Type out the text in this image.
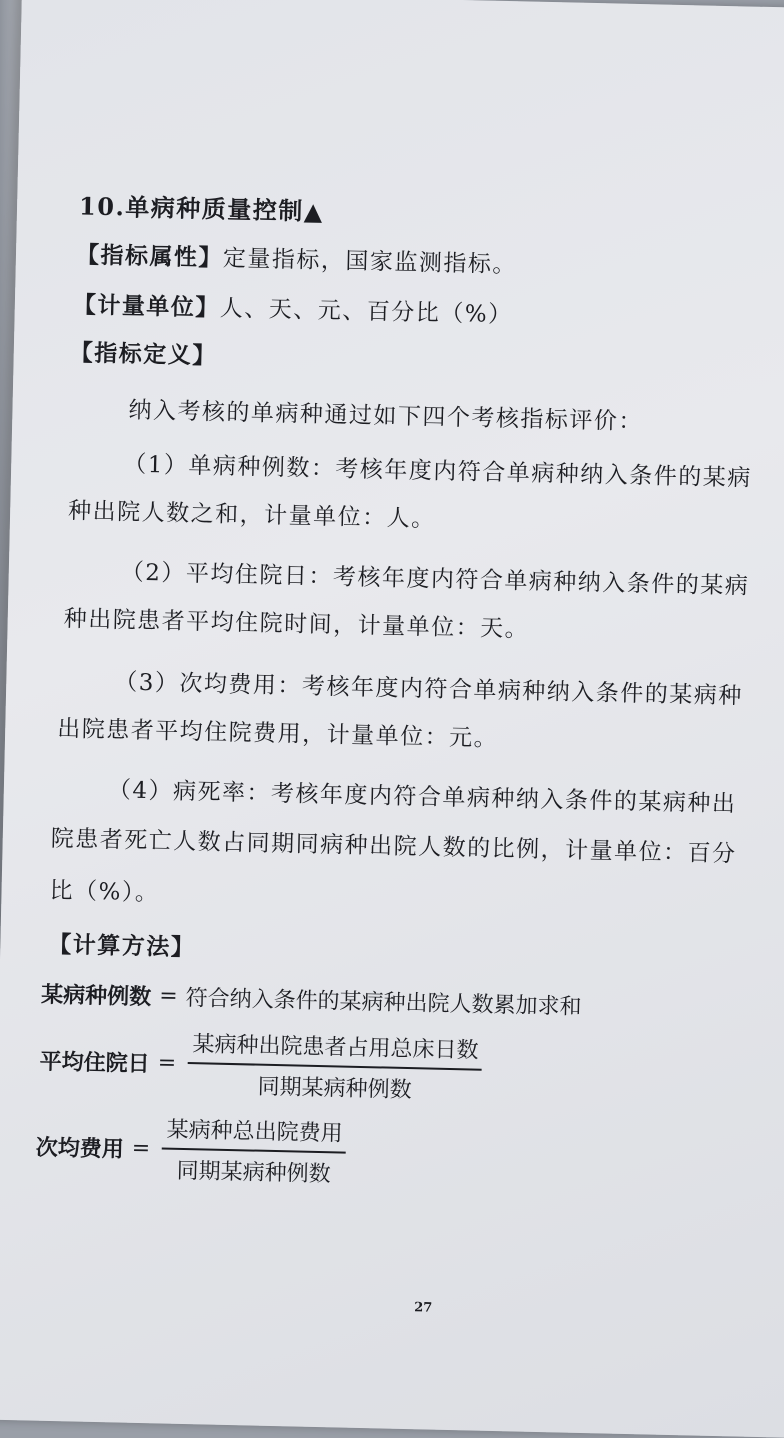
10.单病种质量控制▲
【指标属性】定量指标，国家监测指标。
【计量单位】人、天、元、百分比（%）
【指标定义】
纳入考核的单病种通过如下四个考核指标评价：
（1）单病种例数：考核年度内符合单病种纳入条件的某病
种出院人数之和，计量单位：人。
（2）平均住院日：考核年度内符合单病种纳入条件的某病
种出院患者平均住院时间，计量单位：天。
（3）次均费用：考核年度内符合单病种纳入条件的某病种
出院患者平均住院费用，计量单位：元。
（4）病死率：考核年度内符合单病种纳入条件的某病种出
院患者死亡人数占同期同病种出院人数的比例，计量单位：百分
比（%）。
【计算方法】
某病种例数 = 符合纳入条件的某病种出院人数累加求和
平均住院日 = $\frac{\text{某病种出院患者占用总床日数}}{\text{同期某病种例数}}$
次均费用 = $\frac{\text{某病种总出院费用}}{\text{同期某病种例数}}$
27
